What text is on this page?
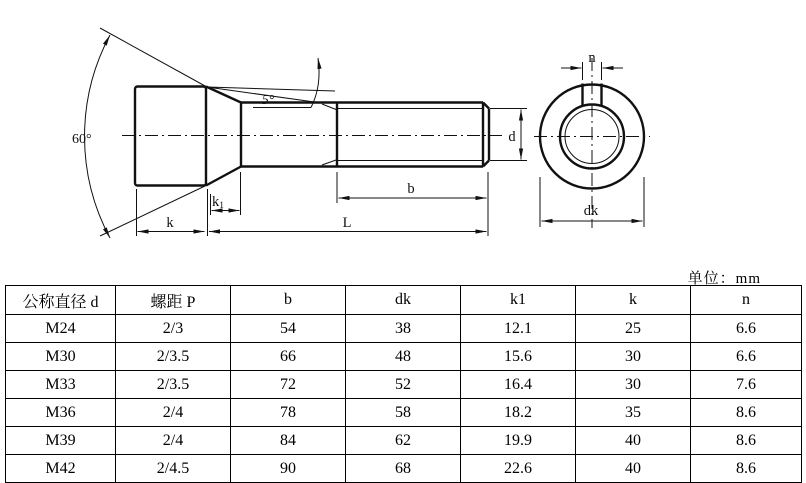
60°
5°
k
k1
L
b
d
n
dk
单位：mm
公称直径 d	螺距 P	b	dk	k1	k	n
M24	2/3	54	38	12.1	25	6.6
M30	2/3.5	66	48	15.6	30	6.6
M33	2/3.5	72	52	16.4	30	7.6
M36	2/4	78	58	18.2	35	8.6
M39	2/4	84	62	19.9	40	8.6
M42	2/4.5	90	68	22.6	40	8.6
